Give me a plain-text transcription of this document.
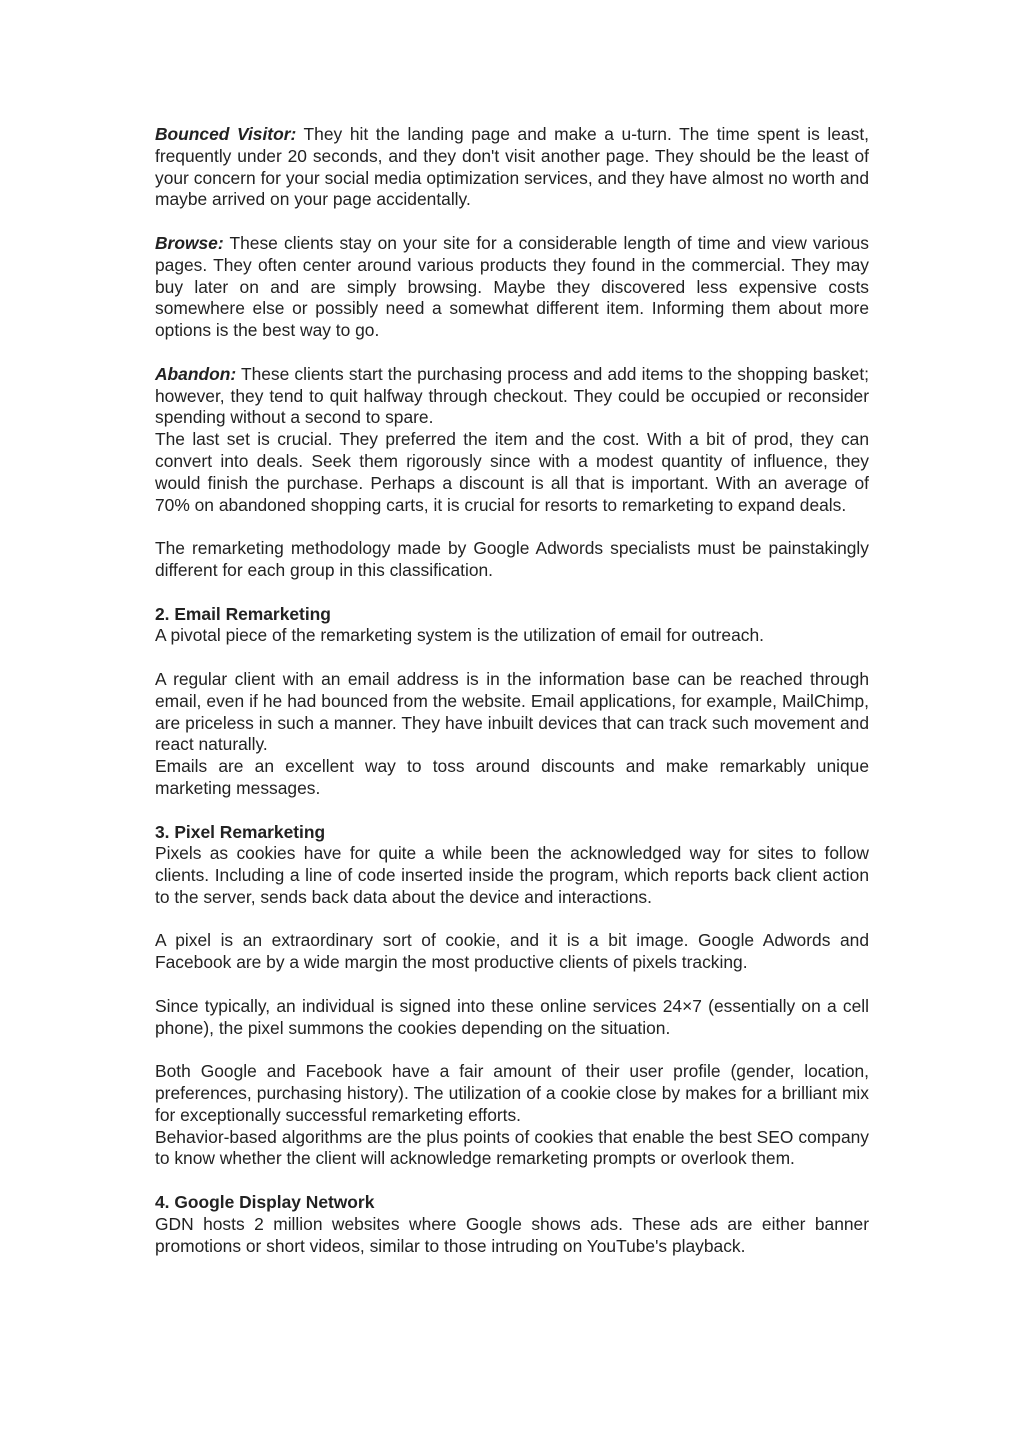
Bounced Visitor: They hit the landing page and make a u-turn. The time spent is least, frequently under 20 seconds, and they don't visit another page. They should be the least of your concern for your social media optimization services, and they have almost no worth and maybe arrived on your page accidentally.

Browse: These clients stay on your site for a considerable length of time and view various pages. They often center around various products they found in the commercial. They may buy later on and are simply browsing. Maybe they discovered less expensive costs somewhere else or possibly need a somewhat different item. Informing them about more options is the best way to go.

Abandon: These clients start the purchasing process and add items to the shopping basket; however, they tend to quit halfway through checkout. They could be occupied or reconsider spending without a second to spare.

The last set is crucial. They preferred the item and the cost. With a bit of prod, they can convert into deals. Seek them rigorously since with a modest quantity of influence, they would finish the purchase. Perhaps a discount is all that is important. With an average of 70% on abandoned shopping carts, it is crucial for resorts to remarketing to expand deals.

The remarketing methodology made by Google Adwords specialists must be painstakingly different for each group in this classification.

2. Email Remarketing

A pivotal piece of the remarketing system is the utilization of email for outreach.

A regular client with an email address is in the information base can be reached through email, even if he had bounced from the website. Email applications, for example, MailChimp, are priceless in such a manner. They have inbuilt devices that can track such movement and react naturally.

Emails are an excellent way to toss around discounts and make remarkably unique marketing messages.

3. Pixel Remarketing

Pixels as cookies have for quite a while been the acknowledged way for sites to follow clients. Including a line of code inserted inside the program, which reports back client action to the server, sends back data about the device and interactions.

A pixel is an extraordinary sort of cookie, and it is a bit image. Google Adwords and Facebook are by a wide margin the most productive clients of pixels tracking.

Since typically, an individual is signed into these online services 24×7 (essentially on a cell phone), the pixel summons the cookies depending on the situation.

Both Google and Facebook have a fair amount of their user profile (gender, location, preferences, purchasing history). The utilization of a cookie close by makes for a brilliant mix for exceptionally successful remarketing efforts.

Behavior-based algorithms are the plus points of cookies that enable the best SEO company to know whether the client will acknowledge remarketing prompts or overlook them.

4. Google Display Network

GDN hosts 2 million websites where Google shows ads. These ads are either banner promotions or short videos, similar to those intruding on YouTube's playback.
